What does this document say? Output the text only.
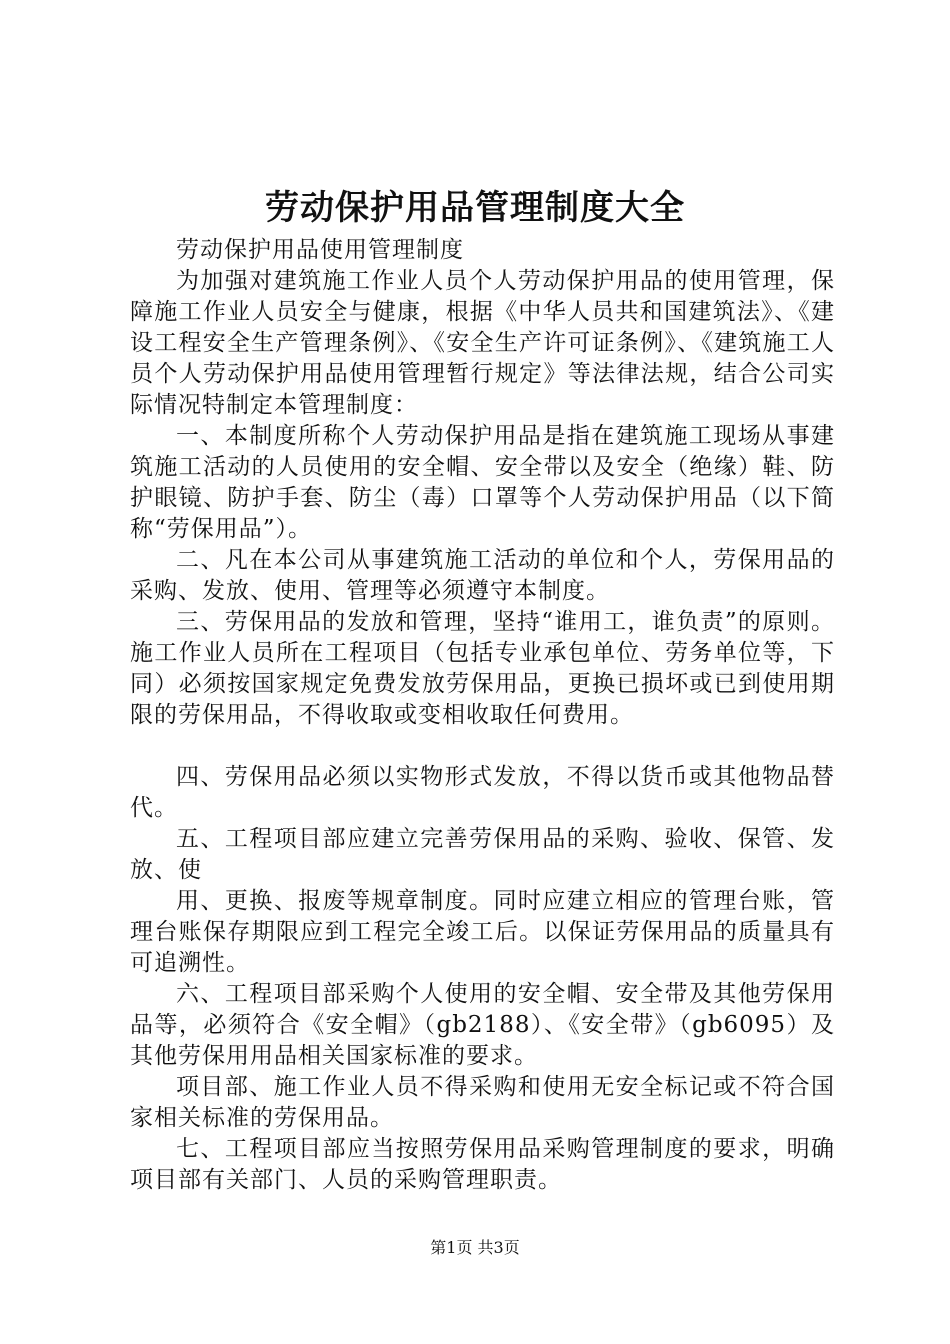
劳动保护用品管理制度大全

劳动保护用品使用管理制度

为加强对建筑施工作业人员个人劳动保护用品的使用管理，保障施工作业人员安全与健康，根据《中华人员共和国建筑法》、《建设工程安全生产管理条例》、《安全生产许可证条例》、《建筑施工人员个人劳动保护用品使用管理暂行规定》等法律法规，结合公司实际情况特制定本管理制度：

一、本制度所称个人劳动保护用品是指在建筑施工现场从事建筑施工活动的人员使用的安全帽、安全带以及安全（绝缘）鞋、防护眼镜、防护手套、防尘（毒）口罩等个人劳动保护用品（以下简称“劳保用品”）。

二、凡在本公司从事建筑施工活动的单位和个人，劳保用品的采购、发放、使用、管理等必须遵守本制度。

三、劳保用品的发放和管理，坚持“谁用工，谁负责”的原则。施工作业人员所在工程项目（包括专业承包单位、劳务单位等，下同）必须按国家规定免费发放劳保用品，更换已损坏或已到使用期限的劳保用品，不得收取或变相收取任何费用。

四、劳保用品必须以实物形式发放，不得以货币或其他物品替代。

五、工程项目部应建立完善劳保用品的采购、验收、保管、发放、使

用、更换、报废等规章制度。同时应建立相应的管理台账，管理台账保存期限应到工程完全竣工后。以保证劳保用品的质量具有可追溯性。

六、工程项目部采购个人使用的安全帽、安全带及其他劳保用品等，必须符合《安全帽》（gb2188）、《安全带》（gb6095）及其他劳保用用品相关国家标准的要求。

项目部、施工作业人员不得采购和使用无安全标记或不符合国家相关标准的劳保用品。

七、工程项目部应当按照劳保用品采购管理制度的要求，明确项目部有关部门、人员的采购管理职责。

第1页 共3页
